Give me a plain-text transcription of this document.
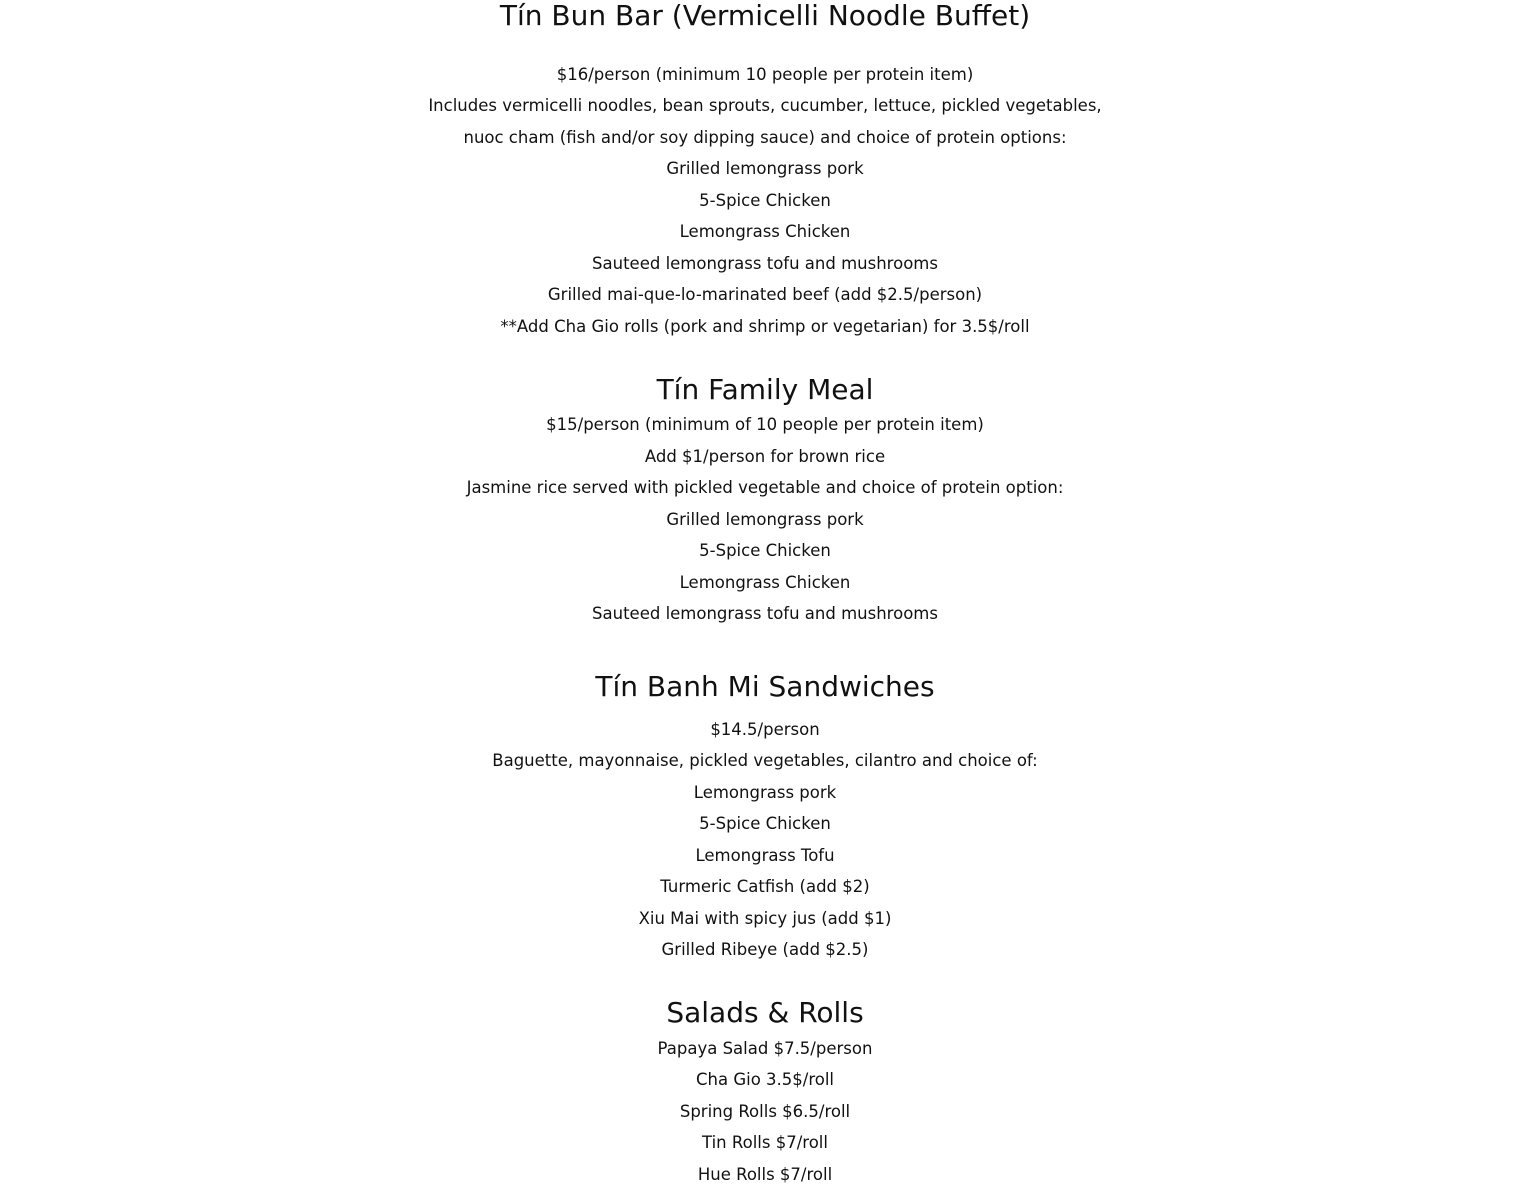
Tín Bun Bar (Vermicelli Noodle Buffet)

$16/person (minimum 10 people per protein item)

Includes vermicelli noodles, bean sprouts, cucumber, lettuce, pickled vegetables,

nuoc cham (fish and/or soy dipping sauce) and choice of protein options:

Grilled lemongrass pork

5-Spice Chicken

Lemongrass Chicken

Sauteed lemongrass tofu and mushrooms

Grilled mai-que-lo-marinated beef (add $2.5/person)

**Add Cha Gio rolls (pork and shrimp or vegetarian) for 3.5$/roll

Tín Family Meal

$15/person (minimum of 10 people per protein item)

Add $1/person for brown rice

Jasmine rice served with pickled vegetable and choice of protein option:

Grilled lemongrass pork

5-Spice Chicken

Lemongrass Chicken

Sauteed lemongrass tofu and mushrooms

Tín Banh Mi Sandwiches

$14.5/person

Baguette, mayonnaise, pickled vegetables, cilantro and choice of:

Lemongrass pork

5-Spice Chicken

Lemongrass Tofu

Turmeric Catfish (add $2)

Xiu Mai with spicy jus (add $1)

Grilled Ribeye (add $2.5)

Salads & Rolls

Papaya Salad $7.5/person

Cha Gio 3.5$/roll

Spring Rolls $6.5/roll

Tin Rolls $7/roll

Hue Rolls $7/roll
